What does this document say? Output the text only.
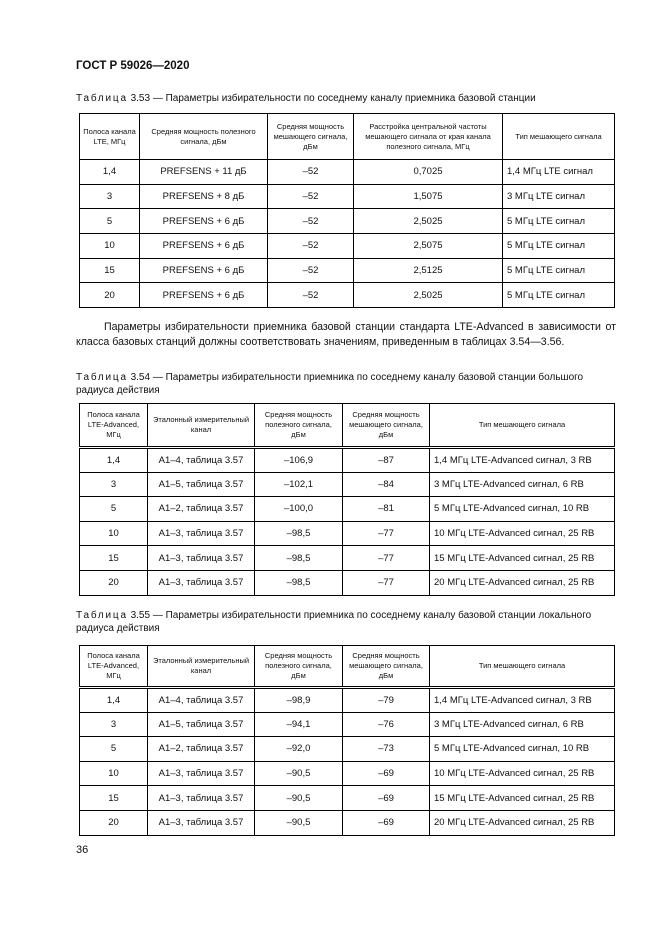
ГОСТ Р 59026—2020
Таблица 3.53 — Параметры избирательности по соседнему каналу приемника базовой станции
Полоса канала LTE, МГц	Средняя мощность полезного сигнала, дБм	Средняя мощность мешающего сигнала, дБм	Расстройка центральной частоты мешающего сигнала от края канала полезного сигнала, МГц	Тип мешающего сигнала
1,4	PREFSENS + 11 дБ	–52	0,7025	1,4 МГц LTE сигнал
3	PREFSENS + 8 дБ	–52	1,5075	3 МГц LTE сигнал
5	PREFSENS + 6 дБ	–52	2,5025	5 МГц LTE сигнал
10	PREFSENS + 6 дБ	–52	2,5075	5 МГц LTE сигнал
15	PREFSENS + 6 дБ	–52	2,5125	5 МГц LTE сигнал
20	PREFSENS + 6 дБ	–52	2,5025	5 МГц LTE сигнал
Параметры избирательности приемника базовой станции стандарта LTE-Advanced в зависимости от класса базовых станций должны соответствовать значениям, приведенным в таблицах 3.54—3.56.
Таблица 3.54 — Параметры избирательности приемника по соседнему каналу базовой станции большого радиуса действия
Полоса канала LTE-Advanced, МГц	Эталонный измерительный канал	Средняя мощность полезного сигнала, дБм	Средняя мощность мешающего сигнала, дБм	Тип мешающего сигнала
1,4	A1–4, таблица 3.57	–106,9	–87	1,4 МГц LTE-Advanced сигнал, 3 RB
3	A1–5, таблица 3.57	–102,1	–84	3 МГц LTE-Advanced сигнал, 6 RB
5	A1–2, таблица 3.57	–100,0	–81	5 МГц LTE-Advanced сигнал, 10 RB
10	A1–3, таблица 3.57	–98,5	–77	10 МГц LTE-Advanced сигнал, 25 RB
15	A1–3, таблица 3.57	–98,5	–77	15 МГц LTE-Advanced сигнал, 25 RB
20	A1–3, таблица 3.57	–98,5	–77	20 МГц LTE-Advanced сигнал, 25 RB
Таблица 3.55 — Параметры избирательности приемника по соседнему каналу базовой станции локального радиуса действия
Полоса канала LTE-Advanced, МГц	Эталонный измерительный канал	Средняя мощность полезного сигнала, дБм	Средняя мощность мешающего сигнала, дБм	Тип мешающего сигнала
1,4	A1–4, таблица 3.57	–98,9	–79	1,4 МГц LTE-Advanced сигнал, 3 RB
3	A1–5, таблица 3.57	–94,1	–76	3 МГц LTE-Advanced сигнал, 6 RB
5	A1–2, таблица 3.57	–92,0	–73	5 МГц LTE-Advanced сигнал, 10 RB
10	A1–3, таблица 3.57	–90,5	–69	10 МГц LTE-Advanced сигнал, 25 RB
15	A1–3, таблица 3.57	–90,5	–69	15 МГц LTE-Advanced сигнал, 25 RB
20	A1–3, таблица 3.57	–90,5	–69	20 МГц LTE-Advanced сигнал, 25 RB
36
